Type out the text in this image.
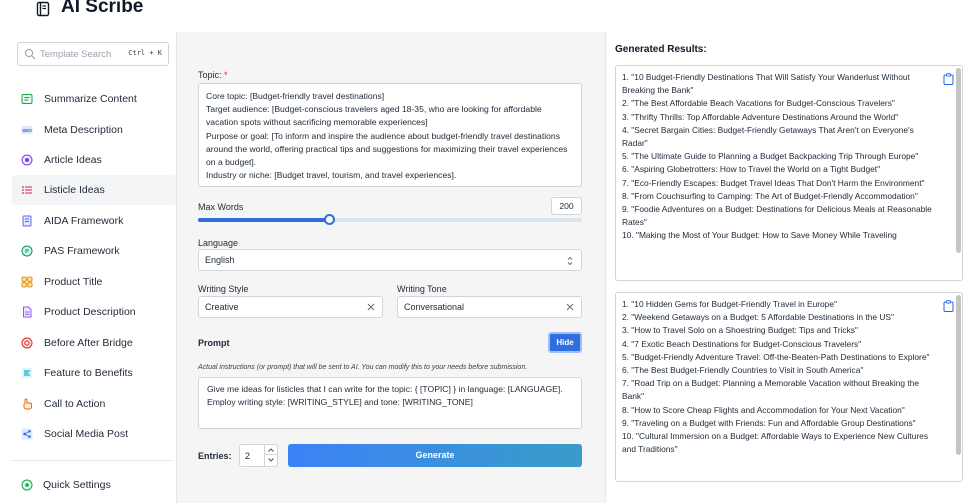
AI Scribe
Template Search
Ctrl + K
Summarize Content
SEO Meta Description
Article Ideas
Listicle Ideas
AIDA Framework
P PAS Framework
Product Title
Product Description
Before After Bridge
Feature to Benefits
Call to Action
Social Media Post
Quick Settings
Topic: *
Core topic: [Budget-friendly travel destinations]
Target audience: [Budget-conscious travelers aged 18-35, who are looking for affordable vacation spots without sacrificing memorable experiences]
Purpose or goal: [To inform and inspire the audience about budget-friendly travel destinations around the world, offering practical tips and suggestions for maximizing their travel experiences on a budget].
Industry or niche: [Budget travel, tourism, and travel experiences].
Max Words	200
Language
English
Writing Style
Creative
Writing Tone
Conversational
Prompt	Hide
Actual instructions (or prompt) that will be sent to AI. You can modify this to your needs before submission.
Give me ideas for listicles that I can write for the topic: { [TOPIC] } in language: [LANGUAGE]. Employ writing style: [WRITING_STYLE] and tone: [WRITING_TONE]
Entries: 2	Generate
Generated Results:
1. "10 Budget-Friendly Destinations That Will Satisfy Your Wanderlust Without Breaking the Bank"
2. "The Best Affordable Beach Vacations for Budget-Conscious Travelers"
3. "Thrifty Thrills: Top Affordable Adventure Destinations Around the World"
4. "Secret Bargain Cities: Budget-Friendly Getaways That Aren't on Everyone's Radar"
5. "The Ultimate Guide to Planning a Budget Backpacking Trip Through Europe"
6. "Aspiring Globetrotters: How to Travel the World on a Tight Budget"
7. "Eco-Friendly Escapes: Budget Travel Ideas That Don't Harm the Environment"
8. "From Couchsurfing to Camping: The Art of Budget-Friendly Accommodation"
9. "Foodie Adventures on a Budget: Destinations for Delicious Meals at Reasonable Rates"
10. "Making the Most of Your Budget: How to Save Money While Traveling
1. "10 Hidden Gems for Budget-Friendly Travel in Europe"
2. "Weekend Getaways on a Budget: 5 Affordable Destinations in the US"
3. "How to Travel Solo on a Shoestring Budget: Tips and Tricks"
4. "7 Exotic Beach Destinations for Budget-Conscious Travelers"
5. "Budget-Friendly Adventure Travel: Off-the-Beaten-Path Destinations to Explore"
6. "The Best Budget-Friendly Countries to Visit in South America"
7. "Road Trip on a Budget: Planning a Memorable Vacation without Breaking the Bank"
8. "How to Score Cheap Flights and Accommodation for Your Next Vacation"
9. "Traveling on a Budget with Friends: Fun and Affordable Group Destinations"
10. "Cultural Immersion on a Budget: Affordable Ways to Experience New Cultures and Traditions"
